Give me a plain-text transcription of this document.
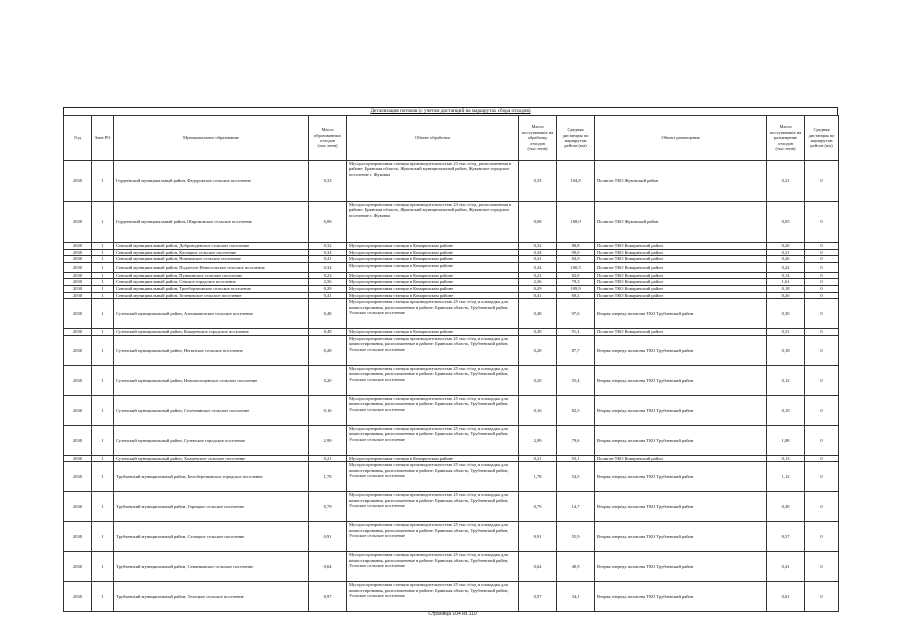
Детализация потоков (с учетом дистанций на маршрутах сбора отходов)
Год	Зона РО	Муниципальное образование	Масса образованных отходов (тыс.тонн)	Объект обработки	Масса поступивших на обработку отходов (тыс.тонн)	Средняя дистанция по маршрутам рейсов (км)	Объект размещения	Масса поступивших на размещение отходов (тыс.тонн)	Средняя дистанция по маршрутам рейсов (км)
2030	1	Гордеевский муниципальный район, Федоровское сельское поселение	0,33	Мусоросортировочная станция производительностью 23 тыс.т/год, расположенная в районе: Брянская область, Жуковский муниципальный район, Жуковское городское поселение г. Жуковка	0,33	104,8	Полигон ТКО Жуковский район	0,21	0
2030	1	Гордеевский муниципальный район, Широковское сельское поселение	0,08	Мусоросортировочная станция производительностью 23 тыс.т/год, расположенная в районе: Брянская область, Жуковский муниципальный район, Жуковское городское поселение г. Жуковка	0,08	108,0	Полигон ТКО Жуковский район	0,05	0
2030	1	Севский муниципальный район, Доброводенское сельское поселение	0,32	Мусоросортировочная станция в Комаричском районе	0,32	88,8	Полигон ТКО Комаричский район	0,20	0
2030	1	Севский муниципальный район, Косицкое сельское поселение	0,34	Мусоросортировочная станция в Комаричском районе	0,34	99,0	Полигон ТКО Комаричский район	0,21	0
2030	1	Севский муниципальный район, Новоямское сельское поселение	0,41	Мусоросортировочная станция в Комаричском районе	0,41	84,9	Полигон ТКО Комаричский район	0,26	0
2030	1	Севский муниципальный район, Подлесно-Новосельское сельское поселение	0,34	Мусоросортировочная станция в Комаричском районе	0,34	100,5	Полигон ТКО Комаричский район	0,22	0
2030	1	Севский муниципальный район, Пушкинское сельское поселение	0,23	Мусоросортировочная станция в Комаричском районе	0,23	82,0	Полигон ТКО Комаричский район	0,14	0
2030	1	Севский муниципальный район, Севское городское поселение	2,56	Мусоросортировочная станция в Комаричском районе	2,56	79,3	Полигон ТКО Комаричский район	1,61	0
2030	1	Севский муниципальный район, Троебортновское сельское поселение	0,29	Мусоросортировочная станция в Комаричском районе	0,29	109,9	Полигон ТКО Комаричский район	0,18	0
2030	1	Севский муниципальный район, Зеленовское сельское поселение	0,41	Мусоросортировочная станция в Комаричском районе	0,41	69,2	Полигон ТКО Комаричский район	0,26	0
2030	1	Суземский муниципальный район, Алешковичское сельское поселение	0,48	Мусоросортировочная станция производительностью 25 тыс.т/год и площадка для компостирования, расположенные в районе: Брянская область, Трубчевский район, Усохское сельское поселение	0,48	97,6	Вторая очередь полигона ТКО Трубчевский район	0,30	0
2030	1	Суземский муниципальный район, Кокоревское городское поселение	0,49	Мусоросортировочная станция в Комаричском районе	0,49	91,4	Полигон ТКО Комаричский район	0,31	0
2030	1	Суземский муниципальный район, Негинское сельское поселение	0,28	Мусоросортировочная станция производительностью 25 тыс.т/год и площадка для компостирования, расположенные в районе: Брянская область, Трубчевский район, Усохское сельское поселение	0,28	87,7	Вторая очередь полигона ТКО Трубчевский район	0,18	0
2030	1	Суземский муниципальный район, Новопогощенское сельское поселение	0,20	Мусоросортировочная станция производительностью 25 тыс.т/год и площадка для компостирования, расположенные в районе: Брянская область, Трубчевский район, Усохское сельское поселение	0,20	55,4	Вторая очередь полигона ТКО Трубчевский район	0,12	0
2030	1	Суземский муниципальный район, Селечнянское сельское поселение	0,16	Мусоросортировочная станция производительностью 25 тыс.т/год и площадка для компостирования, расположенные в районе: Брянская область, Трубчевский район, Усохское сельское поселение	0,16	82,5	Вторая очередь полигона ТКО Трубчевский район	0,10	0
2030	1	Суземский муниципальный район, Суземское городское поселение	2,99	Мусоросортировочная станция производительностью 25 тыс.т/год и площадка для компостирования, расположенные в районе: Брянская область, Трубчевский район, Усохское сельское поселение	2,99	79,6	Вторая очередь полигона ТКО Трубчевский район	1,88	0
2030	1	Суземский муниципальный район, Холмечское сельское поселение	0,21	Мусоросортировочная станция в Комаричском районе	0,21	93,1	Полигон ТКО Комаричский район	0,13	0
2030	1	Трубчевский муниципальный район, Белоберезковское городское поселение	1,78	Мусоросортировочная станция производительностью 25 тыс.т/год и площадка для компостирования, расположенные в районе: Брянская область, Трубчевский район, Усохское сельское поселение	1,78	54,5	Вторая очередь полигона ТКО Трубчевский район	1,12	0
2030	1	Трубчевский муниципальный район, Горицкое сельское поселение	0,79	Мусоросортировочная станция производительностью 25 тыс.т/год и площадка для компостирования, расположенные в районе: Брянская область, Трубчевский район, Усохское сельское поселение	0,79	14,7	Вторая очередь полигона ТКО Трубчевский район	0,49	0
2030	1	Трубчевский муниципальный район, Селецкое сельское поселение	0,91	Мусоросортировочная станция производительностью 25 тыс.т/год и площадка для компостирования, расположенные в районе: Брянская область, Трубчевский район, Усохское сельское поселение	0,91	55,9	Вторая очередь полигона ТКО Трубчевский район	0,57	0
2030	1	Трубчевский муниципальный район, Семячковское сельское поселение	0,64	Мусоросортировочная станция производительностью 25 тыс.т/год и площадка для компостирования, расположенные в районе: Брянская область, Трубчевский район, Усохское сельское поселение	0,64	40,9	Вторая очередь полигона ТКО Трубчевский район	0,41	0
2030	1	Трубчевский муниципальный район, Телецкое сельское поселение	0,97	Мусоросортировочная станция производительностью 25 тыс.т/год и площадка для компостирования, расположенные в районе: Брянская область, Трубчевский район, Усохское сельское поселение	0,97	34,1	Вторая очередь полигона ТКО Трубчевский район	0,61	0
Страница 104 из 110
